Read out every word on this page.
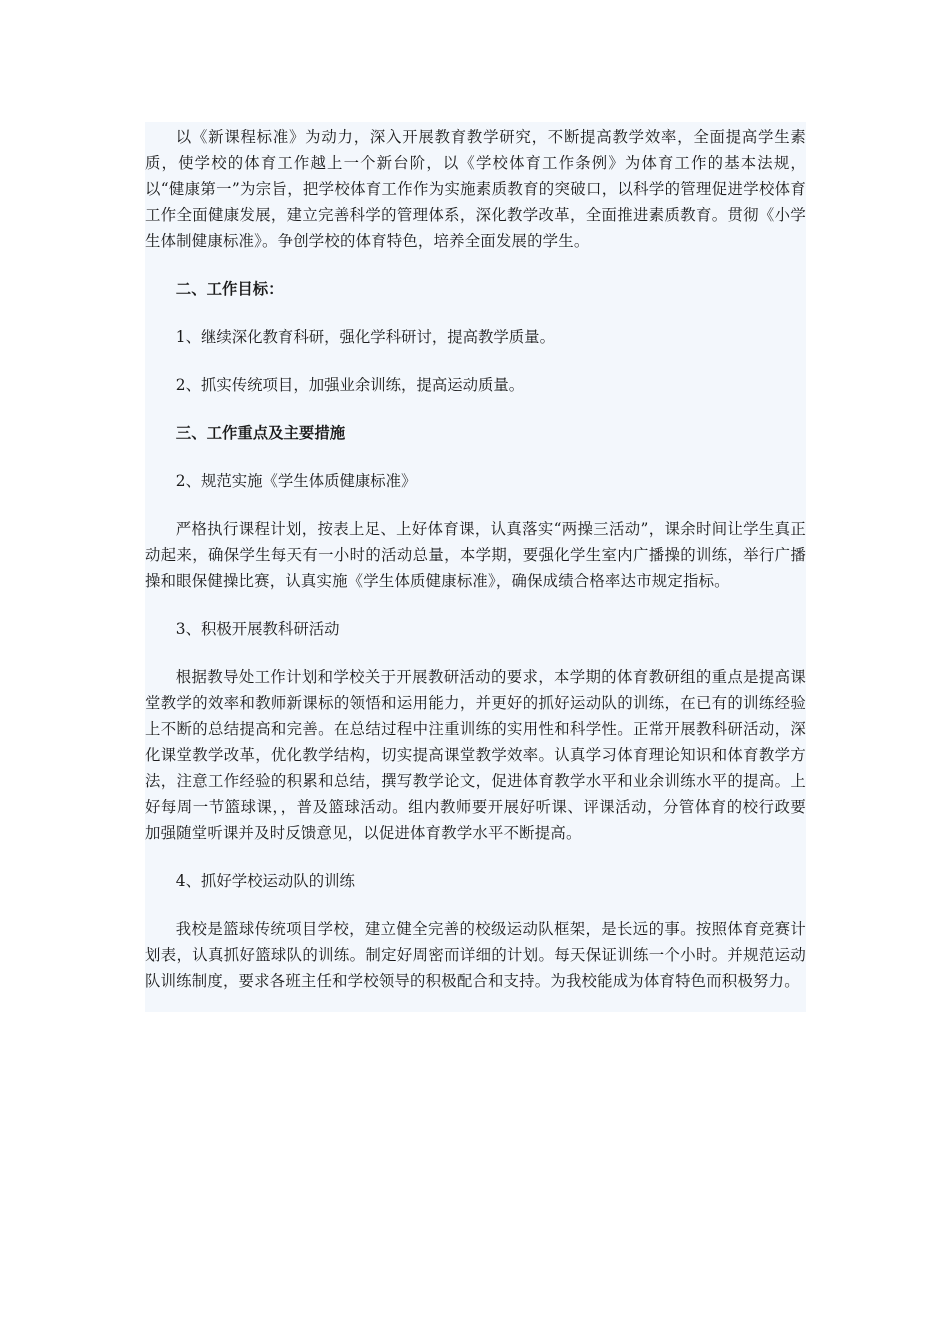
以《新课程标准》为动力，深入开展教育教学研究，不断提高教学效率，全面提高学生素质，使学校的体育工作越上一个新台阶，以《学校体育工作条例》为体育工作的基本法规，以“健康第一”为宗旨，把学校体育工作作为实施素质教育的突破口，以科学的管理促进学校体育工作全面健康发展，建立完善科学的管理体系，深化教学改革，全面推进素质教育。贯彻《小学生体制健康标准》。争创学校的体育特色，培养全面发展的学生。

二、工作目标：

1、继续深化教育科研，强化学科研讨，提高教学质量。

2、抓实传统项目，加强业余训练，提高运动质量。

三、工作重点及主要措施

2、规范实施《学生体质健康标准》

严格执行课程计划，按表上足、上好体育课，认真落实“两操三活动”，课余时间让学生真正动起来，确保学生每天有一小时的活动总量，本学期，要强化学生室内广播操的训练，举行广播操和眼保健操比赛，认真实施《学生体质健康标准》，确保成绩合格率达市规定指标。

3、积极开展教科研活动

根据教导处工作计划和学校关于开展教研活动的要求，本学期的体育教研组的重点是提高课堂教学的效率和教师新课标的领悟和运用能力，并更好的抓好运动队的训练，在已有的训练经验上不断的总结提高和完善。在总结过程中注重训练的实用性和科学性。正常开展教科研活动，深化课堂教学改革，优化教学结构，切实提高课堂教学效率。认真学习体育理论知识和体育教学方法，注意工作经验的积累和总结，撰写教学论文，促进体育教学水平和业余训练水平的提高。上好每周一节篮球课，，普及篮球活动。组内教师要开展好听课、评课活动，分管体育的校行政要加强随堂听课并及时反馈意见，以促进体育教学水平不断提高。

4、抓好学校运动队的训练

我校是篮球传统项目学校，建立健全完善的校级运动队框架，是长远的事。按照体育竞赛计划表，认真抓好篮球队的训练。制定好周密而详细的计划。每天保证训练一个小时。并规范运动队训练制度，要求各班主任和学校领导的积极配合和支持。为我校能成为体育特色而积极努力。
